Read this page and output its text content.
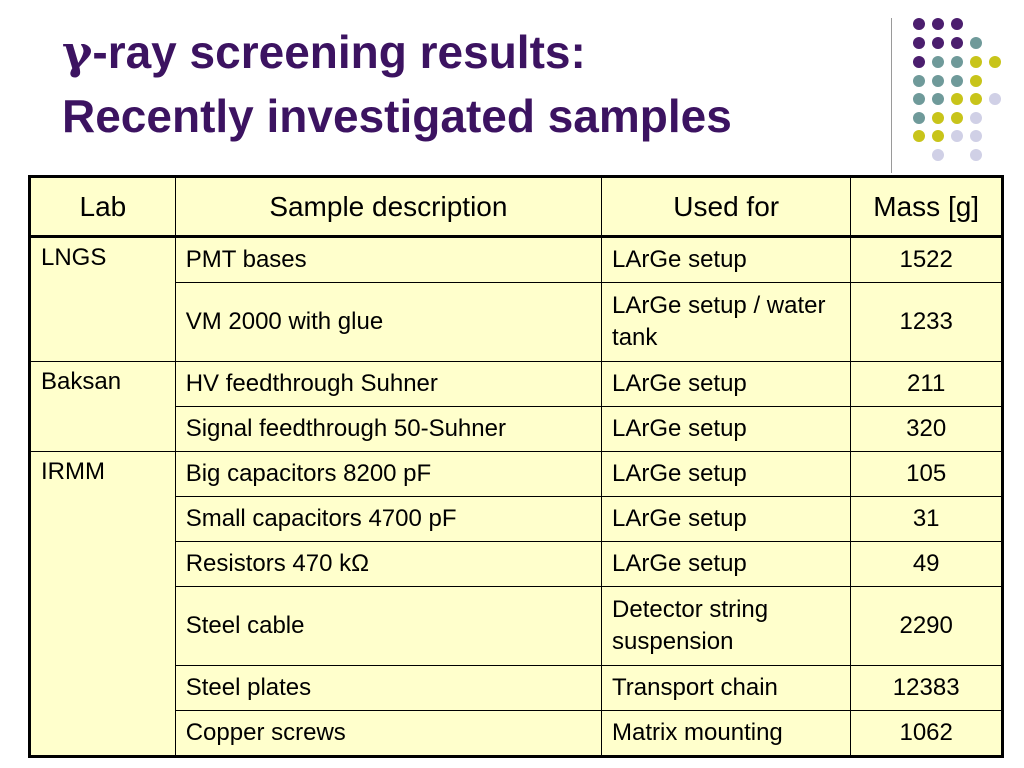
γ-ray screening results:
Recently investigated samples
Lab	Sample description	Used for	Mass [g]
LNGS	PMT bases	LArGe setup	1522
	VM 2000 with glue	LArGe setup / water tank	1233
Baksan	HV feedthrough Suhner	LArGe setup	211
	Signal feedthrough 50-Suhner	LArGe setup	320
IRMM	Big capacitors 8200 pF	LArGe setup	105
	Small capacitors 4700 pF	LArGe setup	31
	Resistors 470 kΩ	LArGe setup	49
	Steel cable	Detector string suspension	2290
	Steel plates	Transport chain	12383
	Copper screws	Matrix mounting	1062
